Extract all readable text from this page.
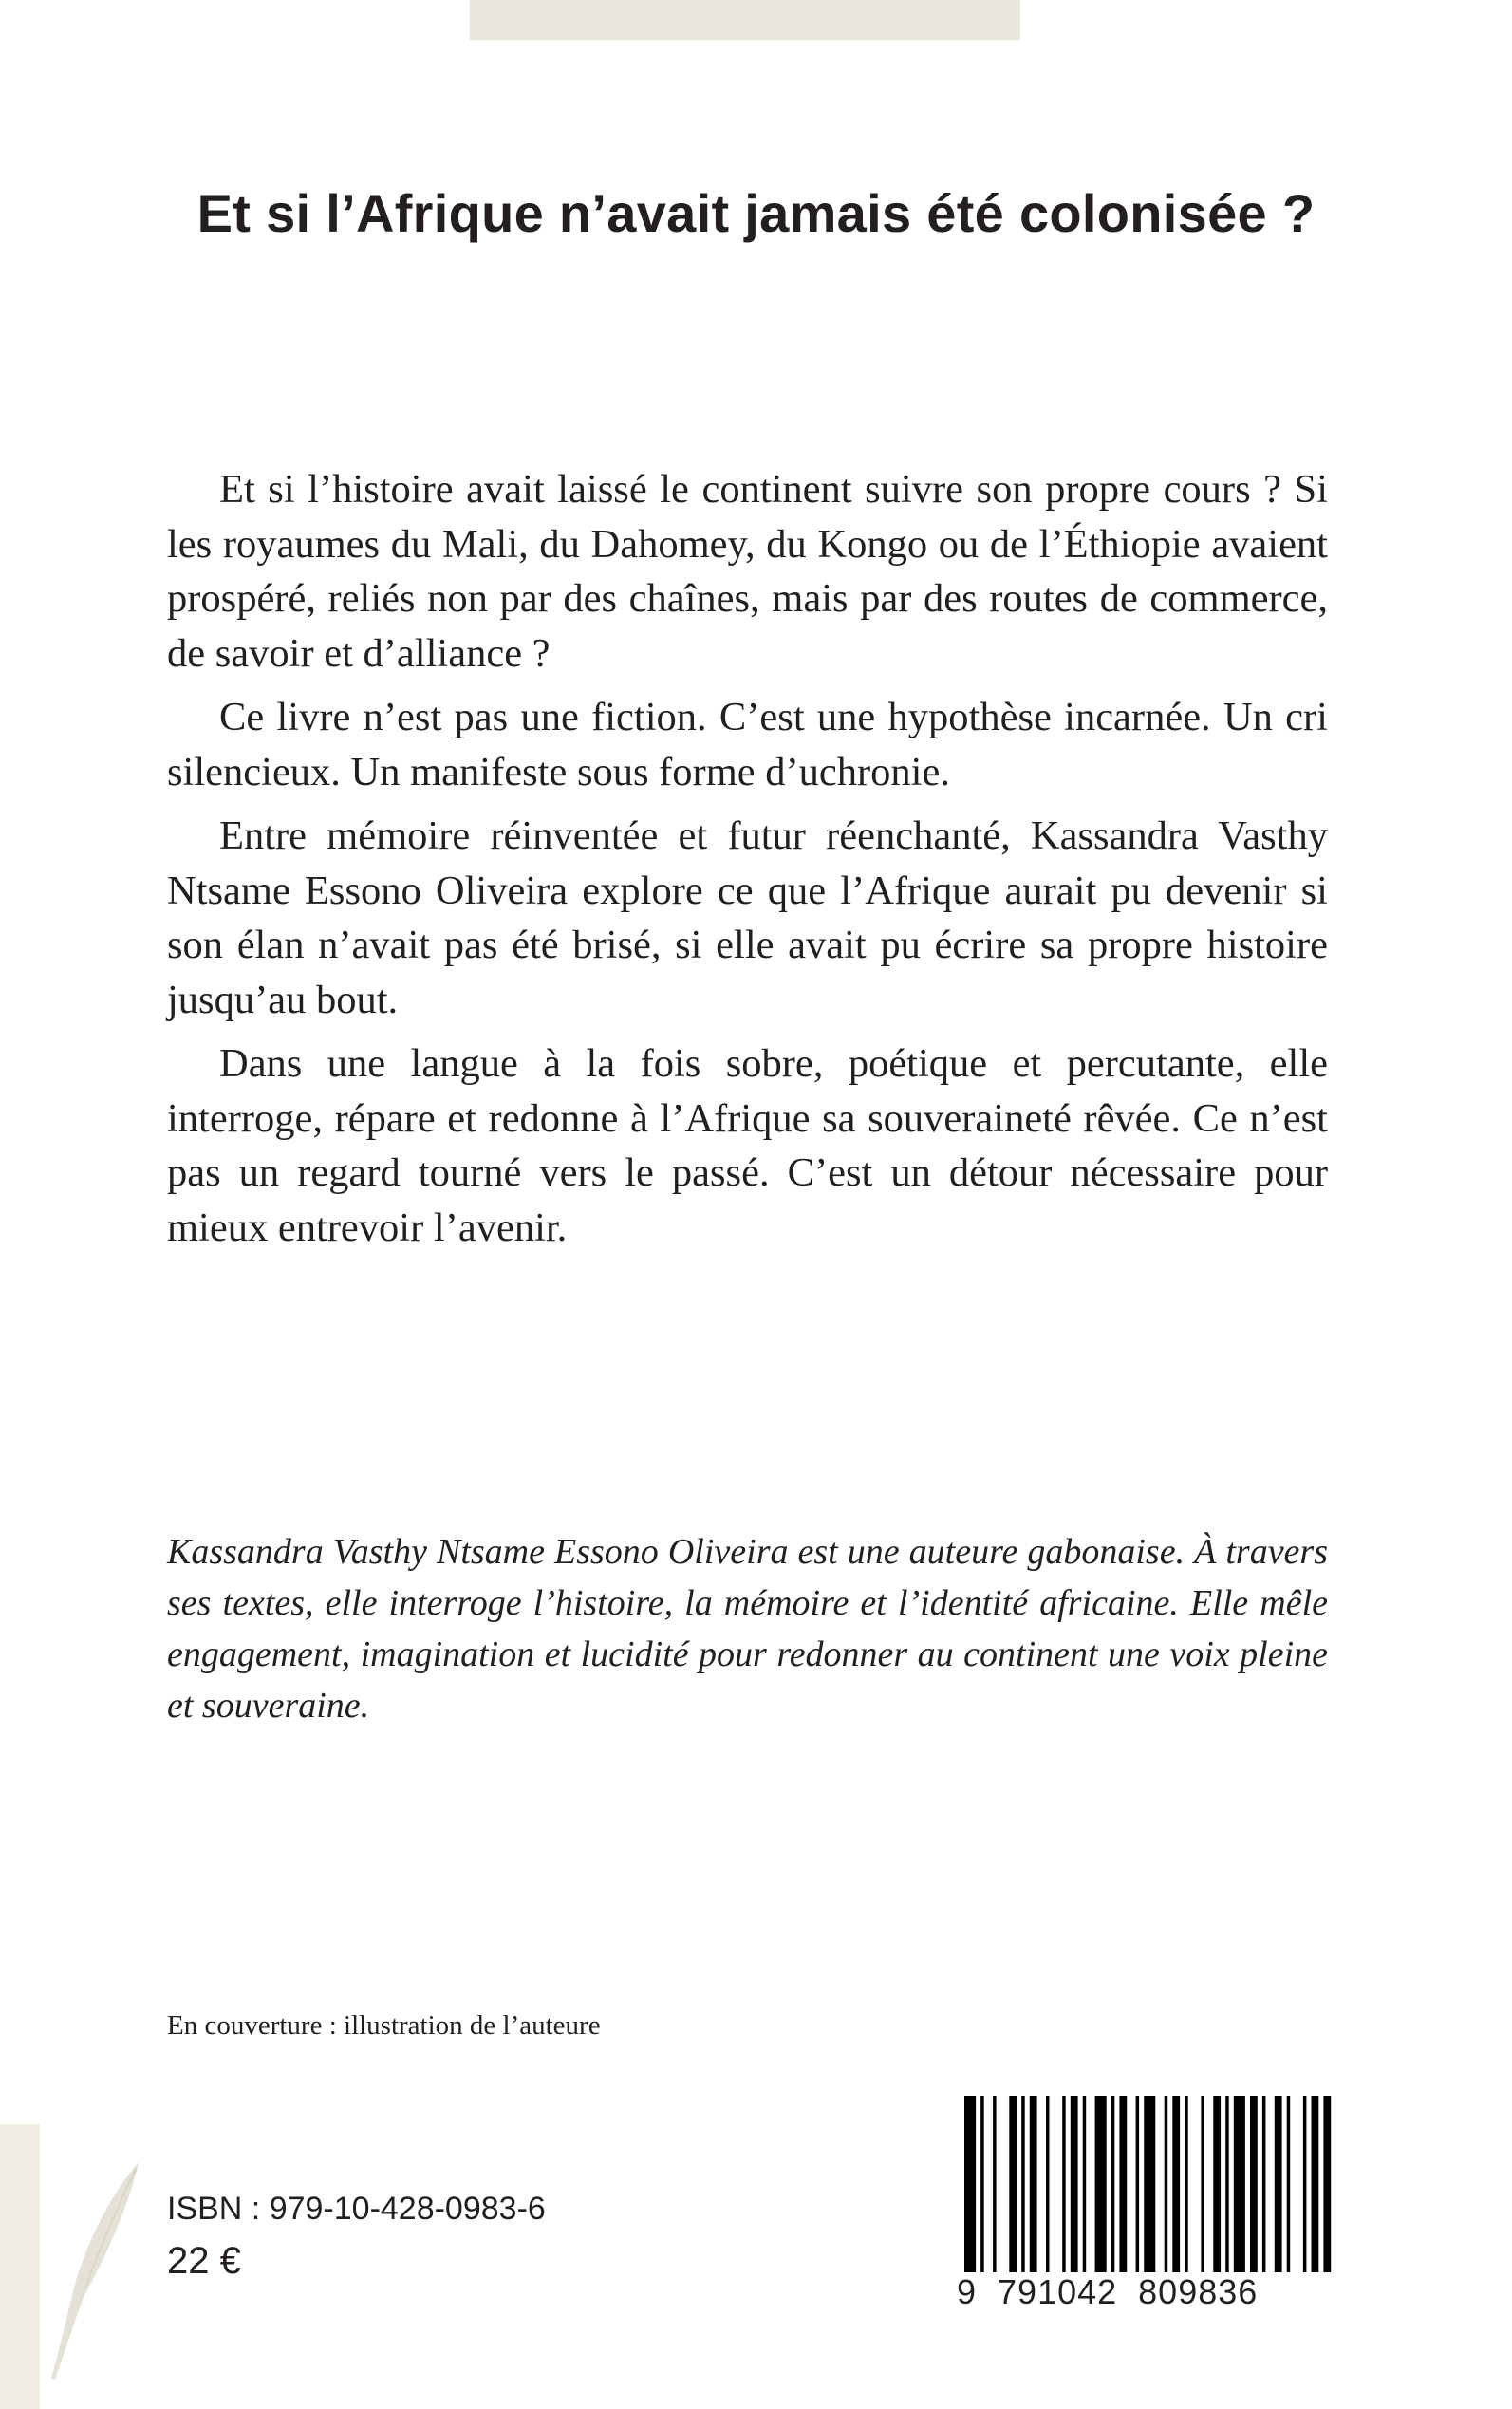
Et si l’Afrique n’avait jamais été colonisée ?

Et si l’histoire avait laissé le continent suivre son propre cours ? Si les royaumes du Mali, du Dahomey, du Kongo ou de l’Éthiopie avaient prospéré, reliés non par des chaînes, mais par des routes de commerce, de savoir et d’alliance ?

Ce livre n’est pas une fiction. C’est une hypothèse incarnée. Un cri silencieux. Un manifeste sous forme d’uchronie.

Entre mémoire réinventée et futur réenchanté, Kassandra Vasthy Ntsame Essono Oliveira explore ce que l’Afrique aurait pu devenir si son élan n’avait pas été brisé, si elle avait pu écrire sa propre histoire jusqu’au bout.

Dans une langue à la fois sobre, poétique et percutante, elle interroge, répare et redonne à l’Afrique sa souveraineté rêvée. Ce n’est pas un regard tourné vers le passé. C’est un détour nécessaire pour mieux entrevoir l’avenir.

Kassandra Vasthy Ntsame Essono Oliveira est une auteure gabonaise. À travers ses textes, elle interroge l’histoire, la mémoire et l’identité africaine. Elle mêle engagement, imagination et lucidité pour redonner au continent une voix pleine et souveraine.

En couverture : illustration de l’auteure

ISBN : 979-10-428-0983-6

22 €

9  791042  809836
